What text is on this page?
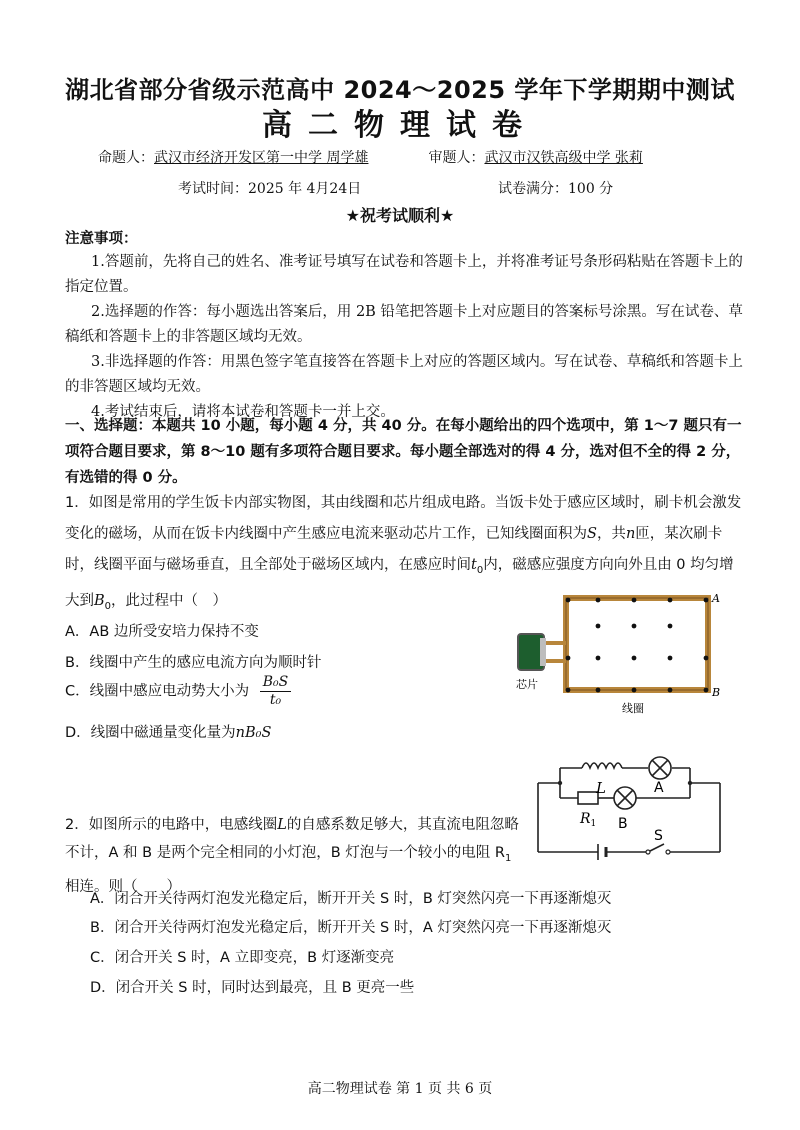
湖北省部分省级示范高中 2024～2025 学年下学期期中测试
高二物理试卷
命题人：武汉市经济开发区第一中学 周学雄	审题人：武汉市汉铁高级中学 张莉
考试时间：2025 年 4月24日	试卷满分：100 分
★祝考试顺利★
注意事项：
1.答题前，先将自己的姓名、准考证号填写在试卷和答题卡上，并将准考证号条形码粘贴在答题卡上的指定位置。
2.选择题的作答：每小题选出答案后，用 2B 铅笔把答题卡上对应题目的答案标号涂黑。写在试卷、草稿纸和答题卡上的非答题区域均无效。
3.非选择题的作答：用黑色签字笔直接答在答题卡上对应的答题区域内。写在试卷、草稿纸和答题卡上的非答题区域均无效。
4.考试结束后，请将本试卷和答题卡一并上交。
一、选择题：本题共 10 小题，每小题 4 分，共 40 分。在每小题给出的四个选项中，第 1～7 题只有一项符合题目要求，第 8～10 题有多项符合题目要求。每小题全部选对的得 4 分，选对但不全的得 2 分，有选错的得 0 分。
1．如图是常用的学生饭卡内部实物图，其由线圈和芯片组成电路。当饭卡处于感应区域时，刷卡机会激发变化的磁场，从而在饭卡内线圈中产生感应电流来驱动芯片工作，已知线圈面积为S，共n匝，某次刷卡时，线圈平面与磁场垂直，且全部处于磁场区域内，在感应时间$t_0$内，磁感应强度方向向外且由 0 均匀增大到$B_0$，此过程中（　）
A．AB 边所受安培力保持不变
B．线圈中产生的感应电流方向为顺时针
C．线圈中感应电动势大小为 $\frac{\text{B₀S}}{\text{t₀}}$
D．线圈中磁通量变化量为nB₀S
A
B
芯片
线圈
L	A
$R_1$ B
S
2．如图所示的电路中，电感线圈L的自感系数足够大，其直流电阻忽略不计，A 和 B 是两个完全相同的小灯泡，B 灯泡与一个较小的电阻 $R_1$相连。则（　　）
A．闭合开关待两灯泡发光稳定后，断开开关 S 时，B 灯突然闪亮一下再逐渐熄灭
B．闭合开关待两灯泡发光稳定后，断开开关 S 时，A 灯突然闪亮一下再逐渐熄灭
C．闭合开关 S 时，A 立即变亮，B 灯逐渐变亮
D．闭合开关 S 时，同时达到最亮，且 B 更亮一些
高二物理试卷 第 1 页 共 6 页
